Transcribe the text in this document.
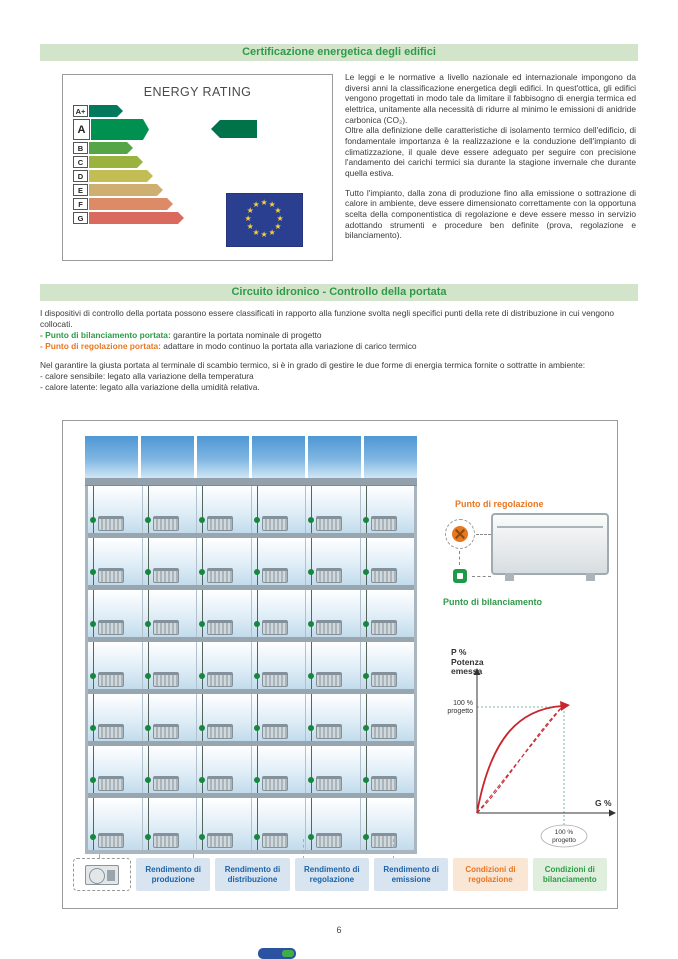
Certificazione energetica degli edifici
ENERGY RATING
A+
A
B
C
D
E
F
G
★ ★
★
★
★
★
★
★
★
★
★
★

Le leggi e le normative a livello nazionale ed internazionale impongono da diversi anni la classificazione energetica degli edifici. In quest'ottica, gli edifici vengono progettati in modo tale da limitare il fabbisogno di energia termica ed elettrica, unitamente alla necessità di ridurre al minimo le emissioni di anidride carbonica (CO₂).

Oltre alla definizione delle caratteristiche di isolamento termico dell'edificio, di fondamentale importanza è la realizzazione e la conduzione dell'impianto di climatizzazione, il quale deve essere adeguato per seguire con precisione l'andamento dei carichi termici sia durante la stagione invernale che durante quella estiva.

Tutto l'impianto, dalla zona di produzione fino alla emissione o sottrazione di calore in ambiente, deve essere dimensionato correttamente con la opportuna scelta della componentistica di regolazione e deve essere messo in servizio adottando strumenti e procedure ben definite (prova, regolazione e bilanciamento).

Circuito idronico - Controllo della portata

I dispositivi di controllo della portata possono essere classificati in rapporto alla funzione svolta negli specifici punti della rete di distribuzione in cui vengono collocati.

- Punto di bilanciamento portata: garantire la portata nominale di progetto

- Punto di regolazione portata: adattare in modo continuo la portata alla variazione di carico termico

Nel garantire la giusta portata al terminale di scambio termico, si è in grado di gestire le due forme di energia termica fornite o sottratte in ambiente:

- calore sensibile: legato alla variazione della temperatura

- calore latente: legato alla variazione della umidità relativa.

Punto di regolazione
Punto di bilanciamento
P %
Potenza
emessa
100 %
progetto
G %
100 %
progetto
Rendimento di produzione
Rendimento di distribuzione
Rendimento di regolazione
Rendimento di emissione
Condizioni di regolazione
Condizioni di bilanciamento
6
